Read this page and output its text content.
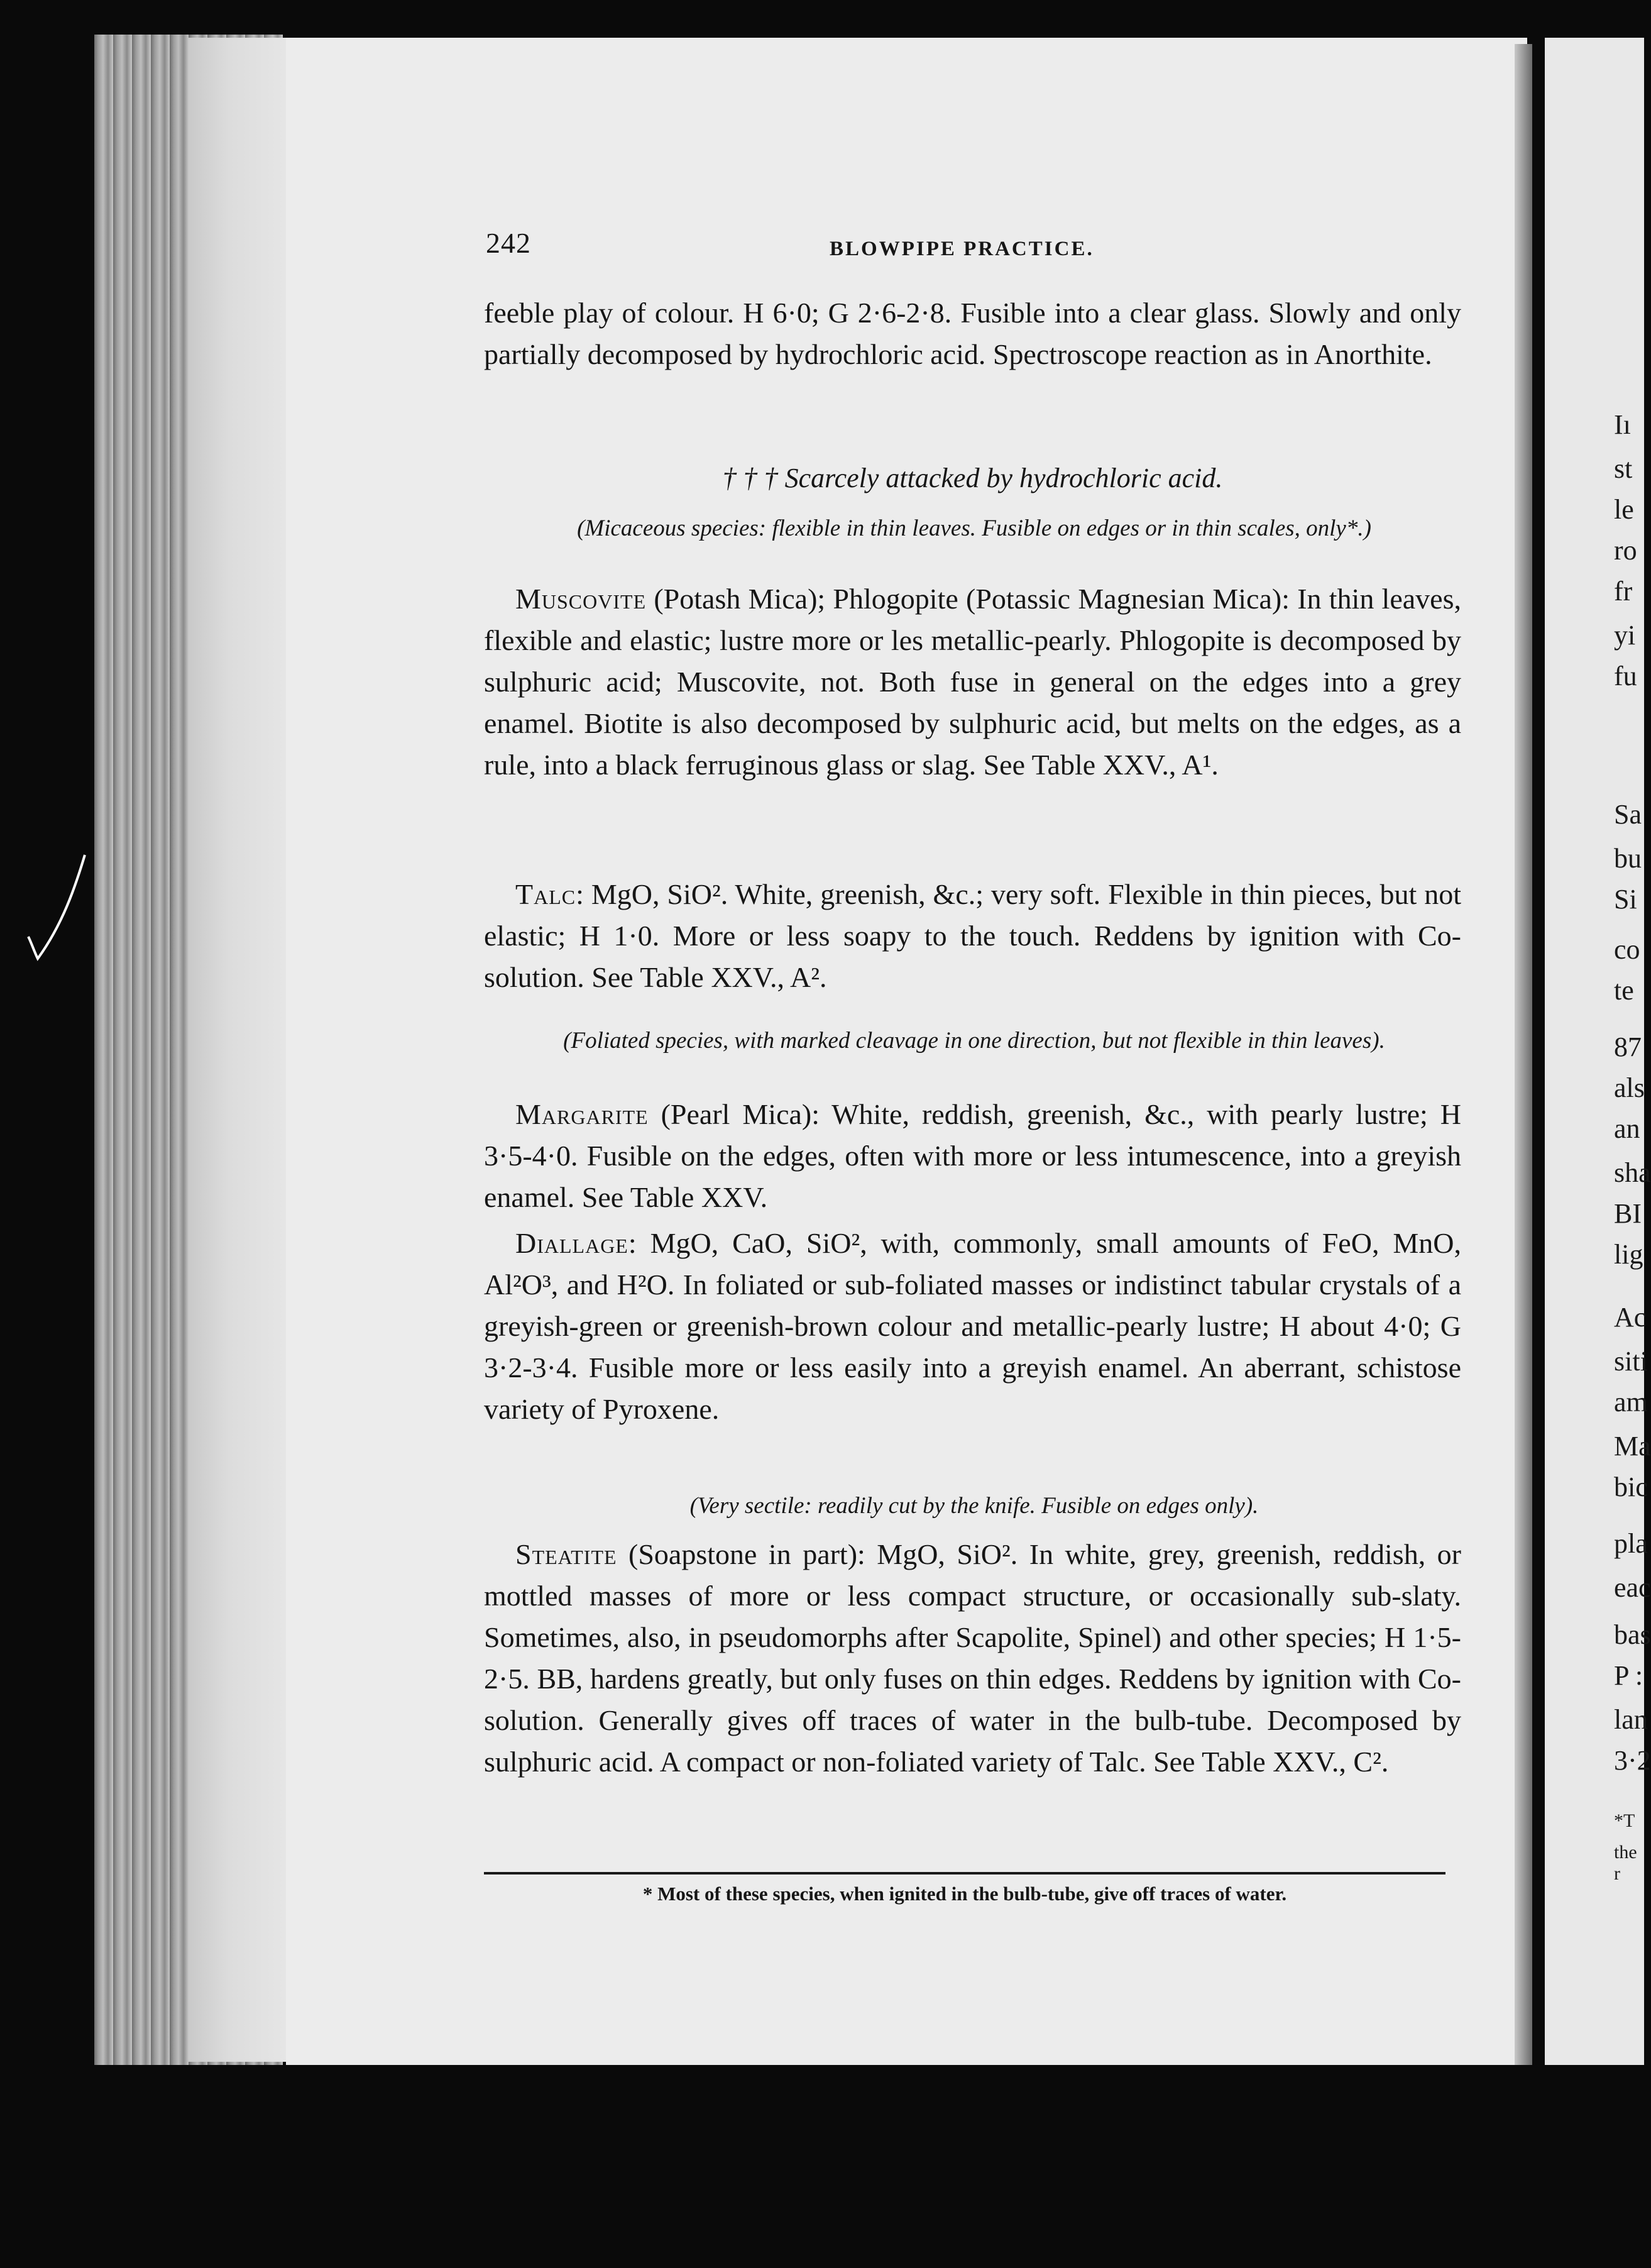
242	BLOWPIPE PRACTICE.

feeble play of colour. H 6·0; G 2·6-2·8. Fusible into a clear glass. Slowly and only partially decomposed by hydrochloric acid. Spectroscope reaction as in Anorthite.

† † † Scarcely attacked by hydrochloric acid.
(Micaceous species: flexible in thin leaves. Fusible on edges or in thin scales, only*.)

Muscovite (Potash Mica); Phlogopite (Potassic Magnesian Mica): In thin leaves, flexible and elastic; lustre more or les metallic-pearly. Phlogopite is decomposed by sulphuric acid; Muscovite, not. Both fuse in general on the edges into a grey enamel. Biotite is also decomposed by sulphuric acid, but melts on the edges, as a rule, into a black ferruginous glass or slag. See Table XXV., A¹.

Talc: MgO, SiO². White, greenish, &c.; very soft. Flexible in thin pieces, but not elastic; H 1·0. More or less soapy to the touch. Reddens by ignition with Co-solution. See Table XXV., A².

(Foliated species, with marked cleavage in one direction, but not flexible in thin leaves).

Margarite (Pearl Mica): White, reddish, greenish, &c., with pearly lustre; H 3·5-4·0. Fusible on the edges, often with more or less intumescence, into a greyish enamel. See Table XXV.

Diallage: MgO, CaO, SiO², with, commonly, small amounts of FeO, MnO, Al²O³, and H²O. In foliated or sub-foliated masses or indistinct tabular crystals of a greyish-green or greenish-brown colour and metallic-pearly lustre; H about 4·0; G 3·2-3·4. Fusible more or less easily into a greyish enamel. An aberrant, schistose variety of Pyroxene.

(Very sectile: readily cut by the knife. Fusible on edges only).

Steatite (Soapstone in part): MgO, SiO². In white, grey, greenish, reddish, or mottled masses of more or less compact structure, or occasionally sub-slaty. Sometimes, also, in pseudomorphs after Scapolite, Spinel) and other species; H 1·5-2·5. BB, hardens greatly, but only fuses on thin edges. Reddens by ignition with Co-solution. Generally gives off traces of water in the bulb-tube. Decomposed by sulphuric acid. A compact or non-foliated variety of Talc. See Table XXV., C².

* Most of these species, when ignited in the bulb-tube, give off traces of water.
Iı
st
le
ro
fr
yi
fu
Sa
bu
Si
co
te
87
als
an
sha
BI
lig
Ac
siti
am
Ma
bic
pla
eac
bas
P :
lan
3·2
*T
the r
